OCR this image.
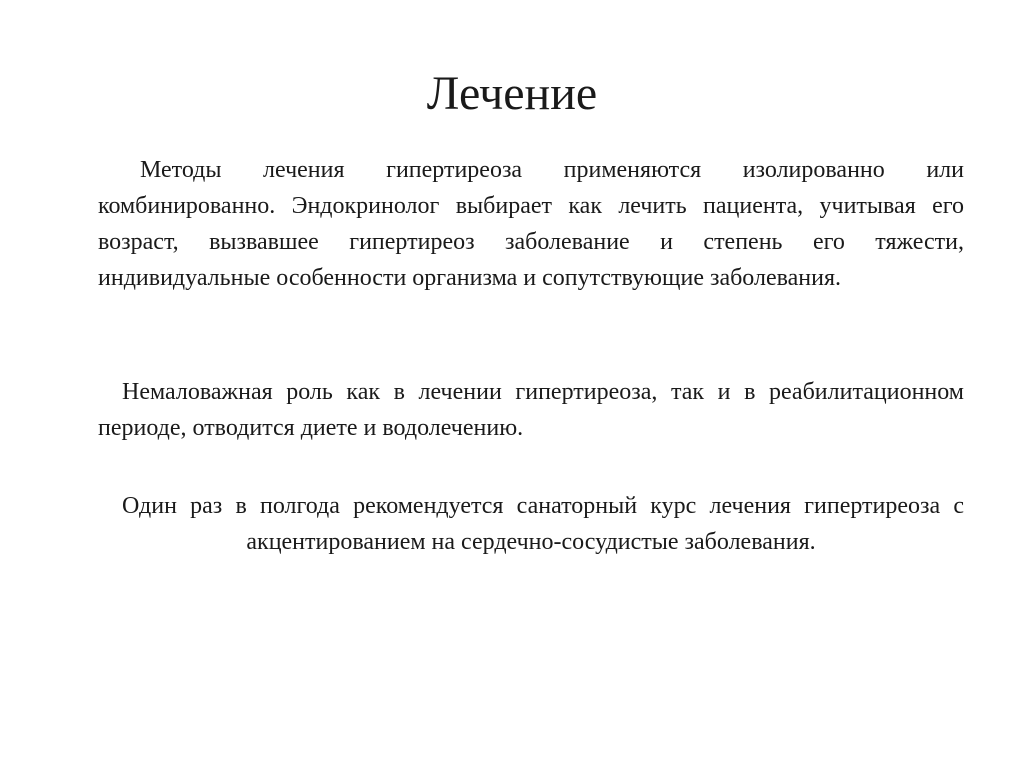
Лечение

Методы лечения гипертиреоза применяются изолированно или комбинированно. Эндокринолог выбирает как лечить пациента, учитывая его возраст, вызвавшее гипертиреоз заболевание и степень его тяжести, индивидуальные особенности организма и сопутствующие заболевания.

Немаловажная роль как в лечении гипертиреоза, так и в реабилитационном периоде, отводится диете и водолечению.

Один раз в полгода рекомендуется санаторный курс лечения гипертиреоза с акцентированием на сердечно-сосудистые заболевания.
